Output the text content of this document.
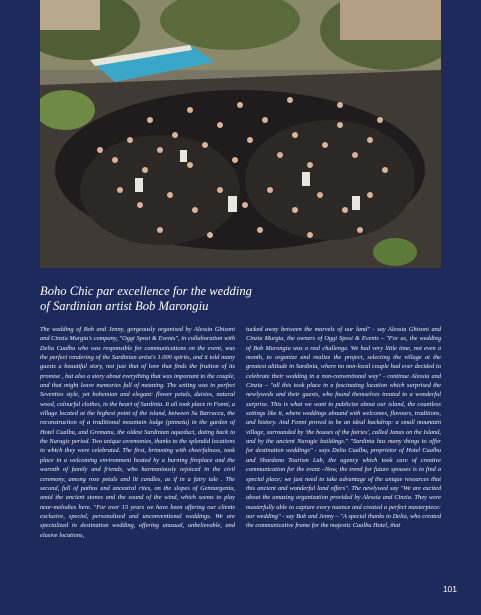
Boho Chic par excellence for the wedding
of Sardinian artist Bob Marongiu

The wedding of Bob and Jenny, gorgeously organised by Alessia Ghisoni and Cinzia Murgia's company, "Oggi Sposi & Events", in collaboration with Delia Cualbu who was responsible for communications on the event, was the perfect rendering of the Sardinian artist's 1.000 spirits, and it told many guests a beautiful story, not just that of love that finds the fruition of its promise , but also a story about everything that was important to the couple, and that might leave memories full of meaning. The setting was in perfect Seventies style, yet bohemian and elegant: flower petals, daisies, natural wood, colourful clothes, in the heart of Sardinia. It all took place in Fonni, a village located at the highest point of the island, between Su Barraccu, the reconstruction of a traditional mountain lodge (pinnetu) in the garden of Hotel Cualbu, and Gremanu, the oldest Sardinian aqueduct, dating back to the Nuragic period. Two unique ceremonies, thanks to the splendid locations in which they were celebrated. The first, brimming with cheerfulness, took place in a welcoming environment heated by a burning fireplace and the warmth of family and friends, who harmoniously rejoiced in the civil ceremony, among rose petals and lit candles, as if in a fairy tale . The second, full of pathos and ancestral rites, on the slopes of Gennargentu, amid the ancient stones and the sound of the wind, which seems to play near-melodies here. "For over 15 years we have been offering our clients exclusive, special, personalized and unconventional weddings. We are specialized in destination wedding, offering unusual, unbelievable, and elusive locations,

tucked away between the marvels of our land" - say Alessia Ghisoni and Cinzia Murgia, the owners of Oggi Sposi & Events – "For us, the wedding of Bob Marongiu was a real challenge. We had very little time, not even a month, to organize and realize the project, selecting the village at the greatest altitude in Sardinia, where no non-local couple had ever decided to celebrate their wedding in a non-conventional way" - continue Alessia and Cinzia – "all this took place in a fascinating location which surprised the newlyweds and their guests, who found themselves treated to a wonderful surprise. This is what we want to publicize about our island, the countless settings like it, where weddings abound with welcomes, flavours, traditions, and history. And Fonni proved to be an ideal backdrop: a small mountain village, surrounded by 'the houses of the fairies', called Janas on the Island, and by the ancient Nuragic buildings." "Sardinia has many things to offer for destination weddings" - says Delia Cualbu, proprietor of Hotel Cualbu and Shardana Tourism Lab, the agency which took care of creative communication for the event –Now, the trend for future spouses is to find a special place; we just need to take advantage of the unique resources that this ancient and wonderful land offers". The newlywed say "We are excited about the amazing organization provided by Alessia and Cinzia. They were masterfully able to capture every nuance and created a perfect masterpiece: our wedding" - say Bob and Jenny – "A special thanks to Delia, who created the communicative frame for the majestic Cualbu Hotel, that

101
